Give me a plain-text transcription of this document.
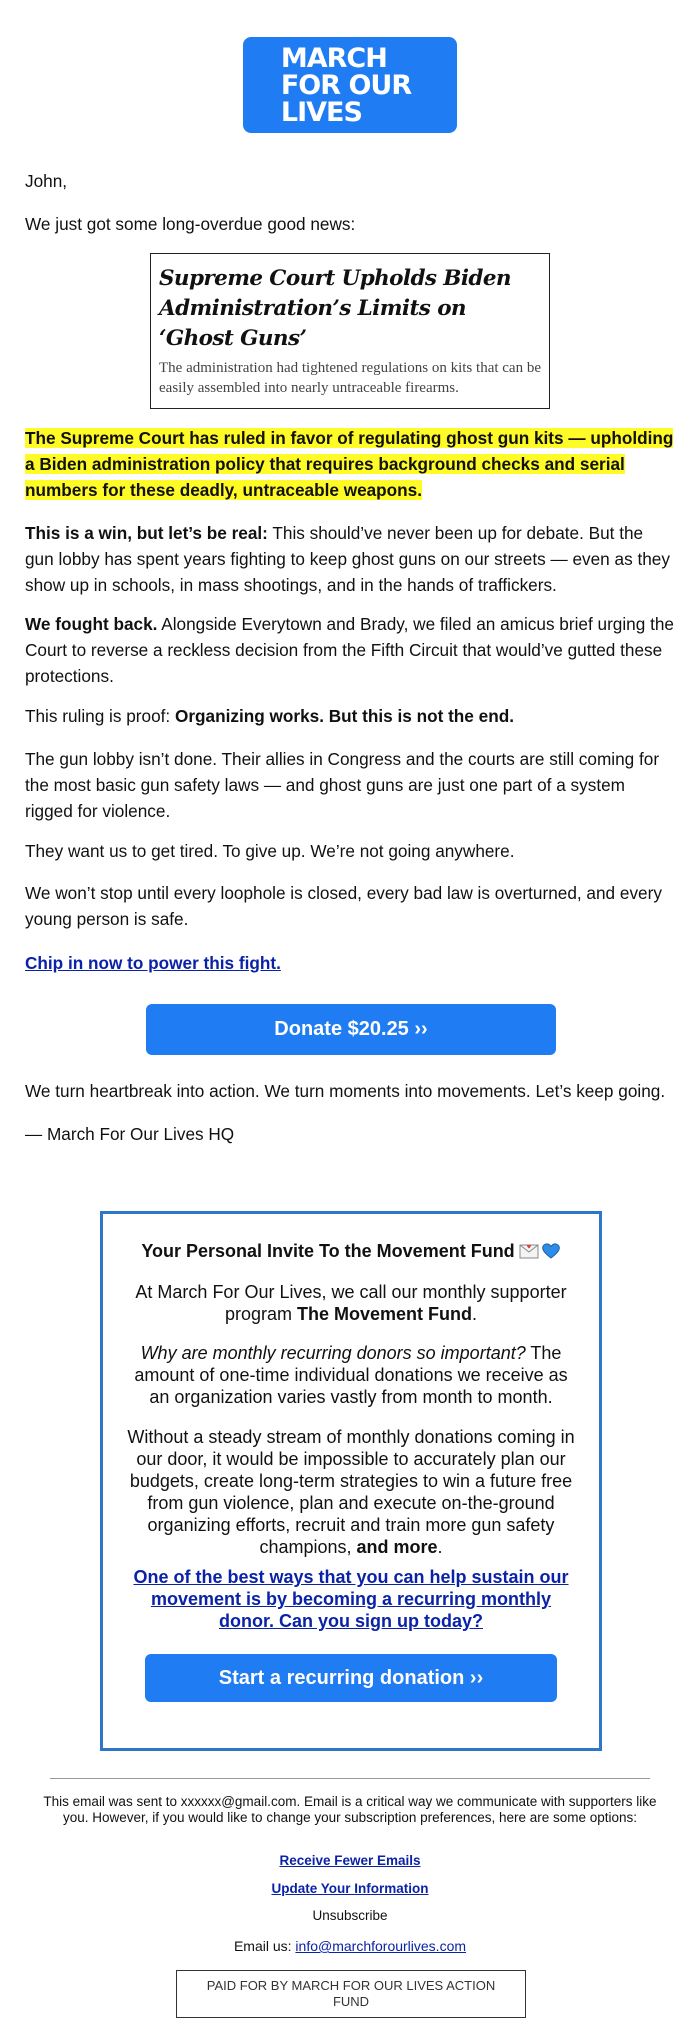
MARCH
FOR OUR
LIVES

John,

We just got some long-overdue good news:

Supreme Court Upholds Biden Administration’s Limits on ‘Ghost Guns’
The administration had tightened regulations on kits that can be easily assembled into nearly untraceable firearms.

The Supreme Court has ruled in favor of regulating ghost gun kits — upholding a Biden administration policy that requires background checks and serial numbers for these deadly, untraceable weapons.

This is a win, but let’s be real: This should’ve never been up for debate. But the gun lobby has spent years fighting to keep ghost guns on our streets — even as they show up in schools, in mass shootings, and in the hands of traffickers.

We fought back. Alongside Everytown and Brady, we filed an amicus brief urging the Court to reverse a reckless decision from the Fifth Circuit that would’ve gutted these protections.

This ruling is proof: Organizing works. But this is not the end.

The gun lobby isn’t done. Their allies in Congress and the courts are still coming for the most basic gun safety laws — and ghost guns are just one part of a system rigged for violence.

They want us to get tired. To give up. We’re not going anywhere.

We won’t stop until every loophole is closed, every bad law is overturned, and every young person is safe.

Chip in now to power this fight.

Donate $20.25 ››

We turn heartbreak into action. We turn moments into movements. Let’s keep going.

— March For Our Lives HQ

Your Personal Invite To the Movement Fund

At March For Our Lives, we call our monthly supporter program The Movement Fund.

Why are monthly recurring donors so important? The amount of one-time individual donations we receive as an organization varies vastly from month to month.

Without a steady stream of monthly donations coming in our door, it would be impossible to accurately plan our budgets, create long-term strategies to win a future free from gun violence, plan and execute on-the-ground organizing efforts, recruit and train more gun safety champions, and more.

One of the best ways that you can help sustain our movement is by becoming a recurring monthly donor. Can you sign up today?

Start a recurring donation ››
This email was sent to xxxxxx@gmail.com. Email is a critical way we communicate with supporters like you. However, if you would like to change your subscription preferences, here are some options:
Receive Fewer Emails
Update Your Information
Unsubscribe
Email us: info@marchforourlives.com
PAID FOR BY MARCH FOR OUR LIVES ACTION FUND
